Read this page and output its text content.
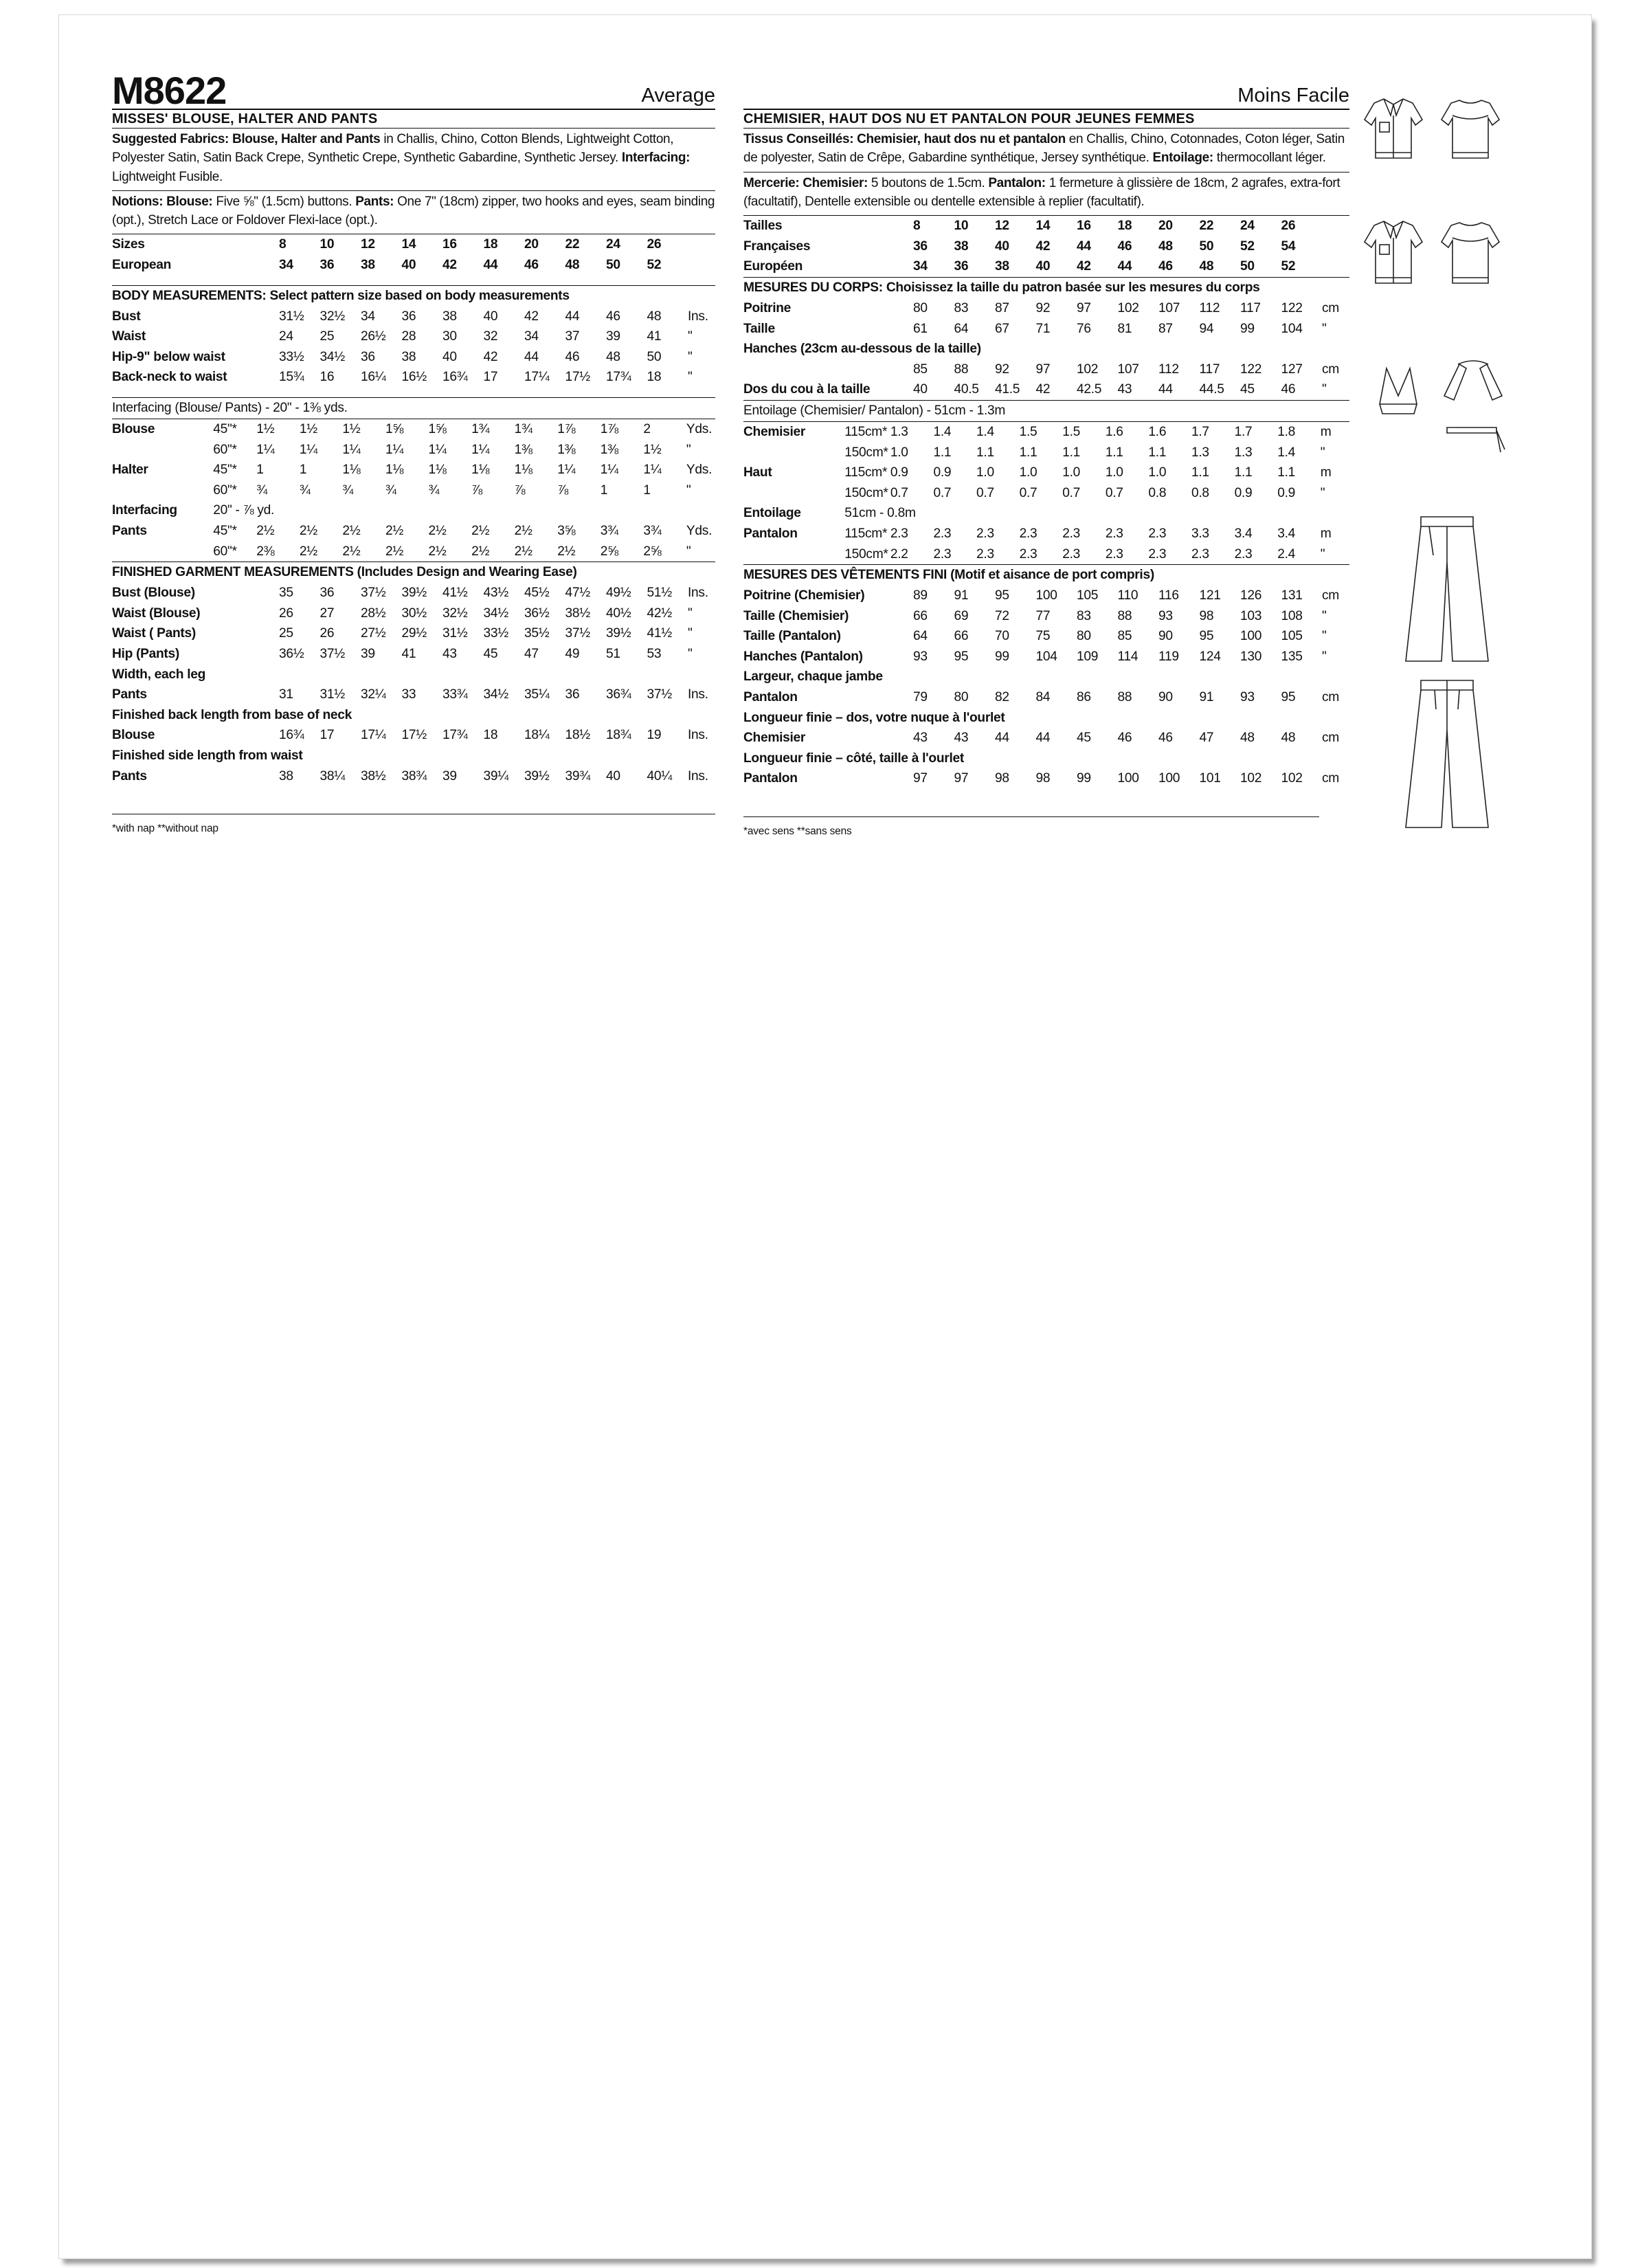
M8622	Average
MISSES' BLOUSE, HALTER AND PANTS
Suggested Fabrics: Blouse, Halter and Pants in Challis, Chino, Cotton Blends, Lightweight Cotton, Polyester Satin, Satin Back Crepe, Synthetic Crepe, Synthetic Gabardine, Synthetic Jersey. Interfacing: Lightweight Fusible.
Notions: Blouse: Five ⅝" (1.5cm) buttons. Pants: One 7" (18cm) zipper, two hooks and eyes, seam binding (opt.), Stretch Lace or Foldover Flexi-lace (opt.).
Sizes	8	10	12	14	16	18	20	22	24	26	
European	34	36	38	40	42	44	46	48	50	52	
BODY MEASUREMENTS: Select pattern size based on body measurements
Bust	31½	32½	34	36	38	40	42	44	46	48	Ins.
Waist	24	25	26½	28	30	32	34	37	39	41	"
Hip-9" below waist	33½	34½	36	38	40	42	44	46	48	50	"
Back-neck to waist	15¾	16	16¼	16½	16¾	17	17¼	17½	17¾	18	"
Interfacing (Blouse/ Pants) - 20" - 1⅜ yds.
Blouse	45"*	1½	1½	1½	1⅝	1⅝	1¾	1¾	1⅞	1⅞	2	Yds.
	60"*	1¼	1¼	1¼	1¼	1¼	1¼	1⅜	1⅜	1⅜	1½	"
Halter	45"*	1	1	1⅛	1⅛	1⅛	1⅛	1⅛	1¼	1¼	1¼	Yds.
	60"*	¾	¾	¾	¾	¾	⅞	⅞	⅞	1	1	"
Interfacing	20" - ⅞ yd.											
Pants	45"*	2½	2½	2½	2½	2½	2½	2½	3⅝	3¾	3¾	Yds.
	60"*	2⅜	2½	2½	2½	2½	2½	2½	2½	2⅝	2⅝	"
FINISHED GARMENT MEASUREMENTS (Includes Design and Wearing Ease)
Bust (Blouse)	35	36	37½	39½	41½	43½	45½	47½	49½	51½	Ins.
Waist (Blouse)	26	27	28½	30½	32½	34½	36½	38½	40½	42½	"
Waist ( Pants)	25	26	27½	29½	31½	33½	35½	37½	39½	41½	"
Hip (Pants)	36½	37½	39	41	43	45	47	49	51	53	"
Width, each leg											
Pants	31	31½	32¼	33	33¾	34½	35¼	36	36¾	37½	Ins.
Finished back length from base of neck											
Blouse	16¾	17	17¼	17½	17¾	18	18¼	18½	18¾	19	Ins.
Finished side length from waist											
Pants	38	38¼	38½	38¾	39	39¼	39½	39¾	40	40¼	Ins.
*with nap **without nap
Moins Facile
CHEMISIER, HAUT DOS NU ET PANTALON POUR JEUNES FEMMES
Tissus Conseillés: Chemisier, haut dos nu et pantalon en Challis, Chino, Cotonnades, Coton léger, Satin de polyester, Satin de Crêpe, Gabardine synthétique, Jersey synthétique. Entoilage: thermocollant léger.
Mercerie: Chemisier: 5 boutons de 1.5cm. Pantalon: 1 fermeture à glissière de 18cm, 2 agrafes, extra-fort (facultatif), Dentelle extensible ou dentelle extensible à replier (facultatif).
Tailles	8	10	12	14	16	18	20	22	24	26	
Françaises	36	38	40	42	44	46	48	50	52	54	
Européen	34	36	38	40	42	44	46	48	50	52	
MESURES DU CORPS: Choisissez la taille du patron basée sur les mesures du corps
Poitrine	80	83	87	92	97	102	107	112	117	122	cm
Taille	61	64	67	71	76	81	87	94	99	104	"
Hanches (23cm au-dessous de la taille)											
	85	88	92	97	102	107	112	117	122	127	cm
Dos du cou à la taille	40	40.5	41.5	42	42.5	43	44	44.5	45	46	"
Entoilage (Chemisier/ Pantalon) - 51cm - 1.3m
Chemisier	115cm*	1.3	1.4	1.4	1.5	1.5	1.6	1.6	1.7	1.7	1.8	m
	150cm*	1.0	1.1	1.1	1.1	1.1	1.1	1.1	1.3	1.3	1.4	"
Haut	115cm*	0.9	0.9	1.0	1.0	1.0	1.0	1.0	1.1	1.1	1.1	m
	150cm*	0.7	0.7	0.7	0.7	0.7	0.7	0.8	0.8	0.9	0.9	"
Entoilage	51cm - 0.8m											
Pantalon	115cm*	2.3	2.3	2.3	2.3	2.3	2.3	2.3	3.3	3.4	3.4	m
	150cm*	2.2	2.3	2.3	2.3	2.3	2.3	2.3	2.3	2.3	2.4	"
MESURES DES VÊTEMENTS FINI (Motif et aisance de port compris)
Poitrine (Chemisier)	89	91	95	100	105	110	116	121	126	131	cm
Taille (Chemisier)	66	69	72	77	83	88	93	98	103	108	"
Taille (Pantalon)	64	66	70	75	80	85	90	95	100	105	"
Hanches (Pantalon)	93	95	99	104	109	114	119	124	130	135	"
Largeur, chaque jambe											
Pantalon	79	80	82	84	86	88	90	91	93	95	cm
Longueur finie – dos, votre nuque à l'ourlet											
Chemisier	43	43	44	44	45	46	46	47	48	48	cm
Longueur finie – côté, taille à l'ourlet											
Pantalon	97	97	98	98	99	100	100	101	102	102	cm
*avec sens **sans sens
